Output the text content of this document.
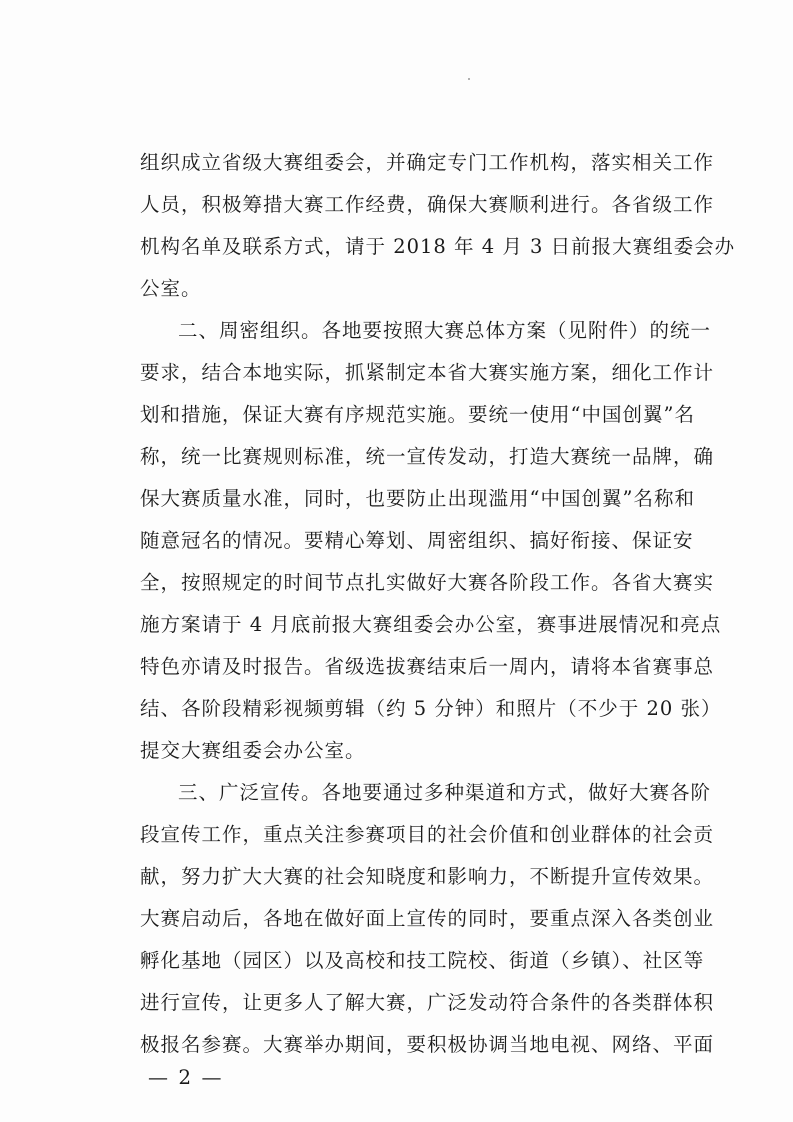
组织成立省级大赛组委会，并确定专门工作机构，落实相关工作
人员，积极筹措大赛工作经费，确保大赛顺利进行。各省级工作
机构名单及联系方式，请于 2018 年 4 月 3 日前报大赛组委会办
公室。
二、周密组织。各地要按照大赛总体方案（见附件）的统一
要求，结合本地实际，抓紧制定本省大赛实施方案，细化工作计
划和措施，保证大赛有序规范实施。要统一使用“中国创翼”名
称，统一比赛规则标准，统一宣传发动，打造大赛统一品牌，确
保大赛质量水准，同时，也要防止出现滥用“中国创翼”名称和
随意冠名的情况。要精心筹划、周密组织、搞好衔接、保证安
全，按照规定的时间节点扎实做好大赛各阶段工作。各省大赛实
施方案请于 4 月底前报大赛组委会办公室，赛事进展情况和亮点
特色亦请及时报告。省级选拔赛结束后一周内，请将本省赛事总
结、各阶段精彩视频剪辑（约 5 分钟）和照片（不少于 20 张）
提交大赛组委会办公室。
三、广泛宣传。各地要通过多种渠道和方式，做好大赛各阶
段宣传工作，重点关注参赛项目的社会价值和创业群体的社会贡
献，努力扩大大赛的社会知晓度和影响力，不断提升宣传效果。
大赛启动后，各地在做好面上宣传的同时，要重点深入各类创业
孵化基地（园区）以及高校和技工院校、街道（乡镇）、社区等
进行宣传，让更多人了解大赛，广泛发动符合条件的各类群体积
极报名参赛。大赛举办期间，要积极协调当地电视、网络、平面
— 2 —
